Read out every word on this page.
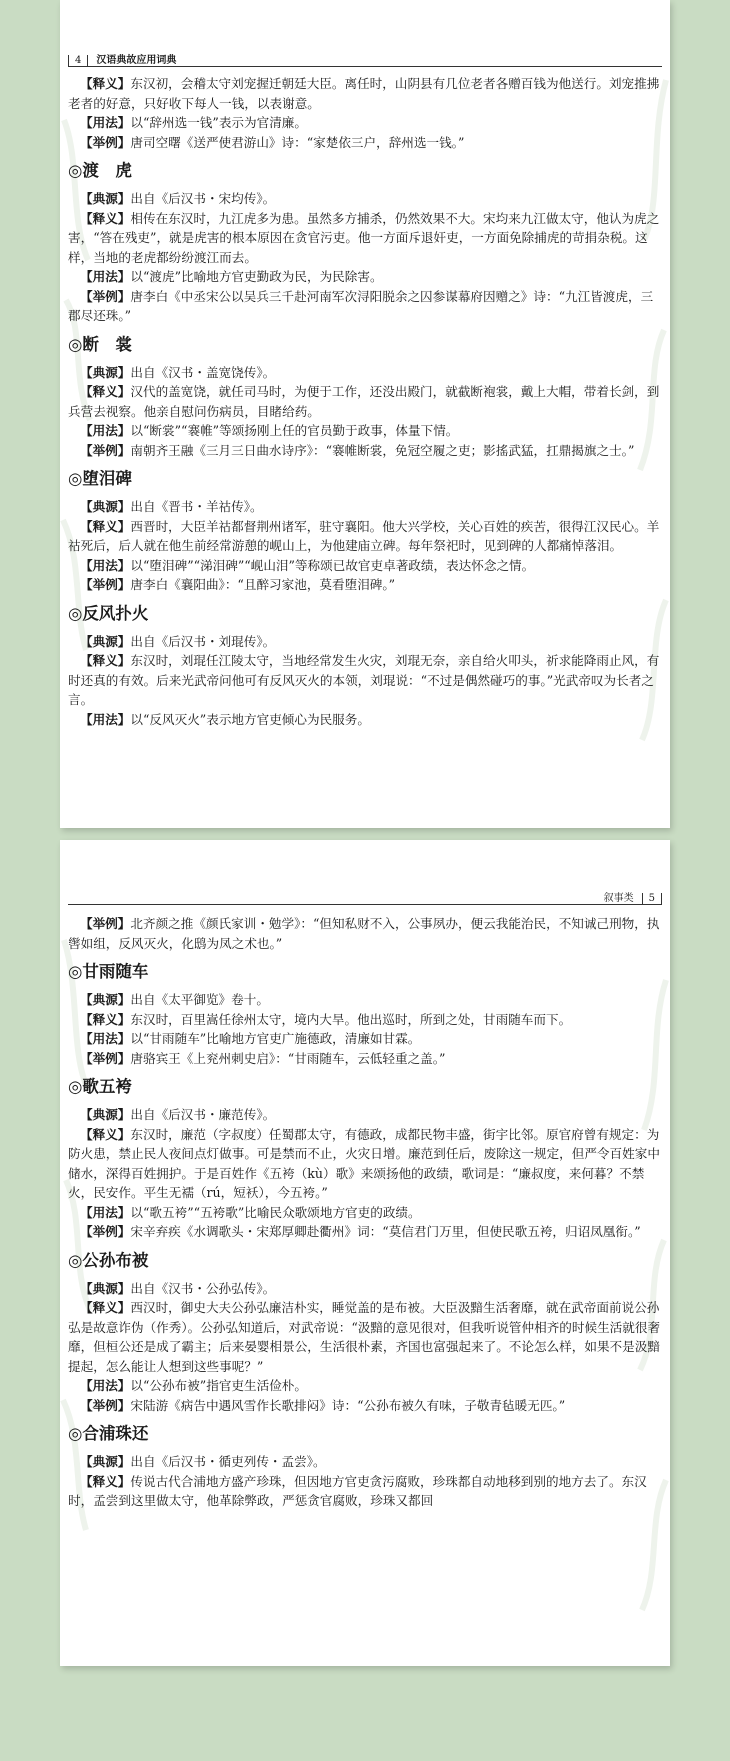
4	汉语典故应用词典

【释义】东汉初，会稽太守刘宠握迁朝廷大臣。离任时，山阴县有几位老者各赠百钱为他送行。刘宠推拂老者的好意，只好收下每人一钱，以表谢意。

【用法】以“辞州选一钱”表示为官清廉。

【举例】唐司空曙《送严使君游山》诗：“家楚依三户，辞州选一钱。”

◎渡　虎

【典源】出自《后汉书・宋均传》。

【释义】相传在东汉时，九江虎多为患。虽然多方捕杀，仍然效果不大。宋均来九江做太守，他认为虎之害，“答在残吏”，就是虎害的根本原因在贪官污吏。他一方面斥退奸吏，一方面免除捕虎的苛捐杂税。这样，当地的老虎都纷纷渡江而去。

【用法】以“渡虎”比喻地方官吏勤政为民，为民除害。

【举例】唐李白《中丞宋公以吴兵三千赴河南军次浔阳脱余之囚参谋幕府因赠之》诗：“九江皆渡虎，三郡尽还珠。”

◎断　裳

【典源】出自《汉书・盖宽饶传》。

【释义】汉代的盖宽饶，就任司马时，为便于工作，还没出殿门，就截断袍裳，戴上大帽，带着长剑，到兵营去视察。他亲自慰问伤病员，目睹给药。

【用法】以“断裳”“褰帷”等颂扬刚上任的官员勤于政事，体量下情。

【举例】南朝齐王融《三月三日曲水诗序》：“褰帷断裳，免冠空履之吏；影搖武猛，扛鼎揭旗之士。”

◎堕泪碑

【典源】出自《晋书・羊祜传》。

【释义】西晋时，大臣羊祜都督荆州诸军，驻守襄阳。他大兴学校，关心百姓的疾苦，很得江汉民心。羊祜死后，后人就在他生前经常游憩的岘山上，为他建庙立碑。每年祭祀时，见到碑的人都痛悼落泪。

【用法】以“堕泪碑”“涕泪碑”“岘山泪”等称颂已故官吏卓著政绩，表达怀念之情。

【举例】唐李白《襄阳曲》：“且醉习家池，莫看堕泪碑。”

◎反风扑火

【典源】出自《后汉书・刘琨传》。

【释义】东汉时，刘琨任江陵太守，当地经常发生火灾，刘琨无奈，亲自给火叩头，祈求能降雨止风，有时还真的有效。后来光武帝问他可有反风灭火的本领，刘琨说：“不过是偶然碰巧的事。”光武帝叹为长者之言。

【用法】以“反风灭火”表示地方官吏倾心为民服务。

叙事类	5

【举例】北齐颜之推《颜氏家训・勉学》：“但知私财不入，公事夙办，便云我能治民，不知诚己刑物，执辔如组，反风灭火，化鸱为凤之术也。”

◎甘雨随车

【典源】出自《太平御览》卷十。

【释义】东汉时，百里嵩任徐州太守，境内大旱。他出巡时，所到之处，甘雨随车而下。

【用法】以“甘雨随车”比喻地方官吏广施德政，清廉如甘霖。

【举例】唐骆宾王《上兖州刺史启》：“甘雨随车，云低轻重之盖。”

◎歌五袴

【典源】出自《后汉书・廉范传》。

【释义】东汉时，廉范（字叔度）任蜀郡太守，有德政，成都民物丰盛，街宇比邻。原官府曾有规定：为防火患，禁止民人夜间点灯做事。可是禁而不止，火灾日增。廉范到任后，废除这一规定，但严令百姓家中储水，深得百姓拥护。于是百姓作《五袴（kù）歌》来颂扬他的政绩，歌词是：“廉叔度，来何暮？不禁火，民安作。平生无襦（rú，短袄），今五袴。”

【用法】以“歌五袴”“五袴歌”比喻民众歌颂地方官吏的政绩。

【举例】宋辛弃疾《水调歌头・宋郑厚卿赴衢州》词：“莫信君门万里，但使民歌五袴，归诏凤凰衔。”

◎公孙布被

【典源】出自《汉书・公孙弘传》。

【释义】西汉时，御史大夫公孙弘廉洁朴实，睡觉盖的是布被。大臣汲黯生活奢靡，就在武帝面前说公孙弘是故意诈伪（作秀）。公孙弘知道后，对武帝说：“汲黯的意见很对，但我听说管仲相齐的时候生活就很奢靡，但桓公还是成了霸主；后来晏婴相景公，生活很朴素，齐国也富强起来了。不论怎么样，如果不是汲黯提起，怎么能让人想到这些事呢？”

【用法】以“公孙布被”指官吏生活俭朴。

【举例】宋陆游《病告中遇风雪作长歌排闷》诗：“公孙布被久有味，子敬青毡暖无匹。”

◎合浦珠还

【典源】出自《后汉书・循吏列传・孟尝》。

【释义】传说古代合浦地方盛产珍珠，但因地方官吏贪污腐败，珍珠都自动地移到别的地方去了。东汉时，孟尝到这里做太守，他革除弊政，严惩贪官腐败，珍珠又都回
